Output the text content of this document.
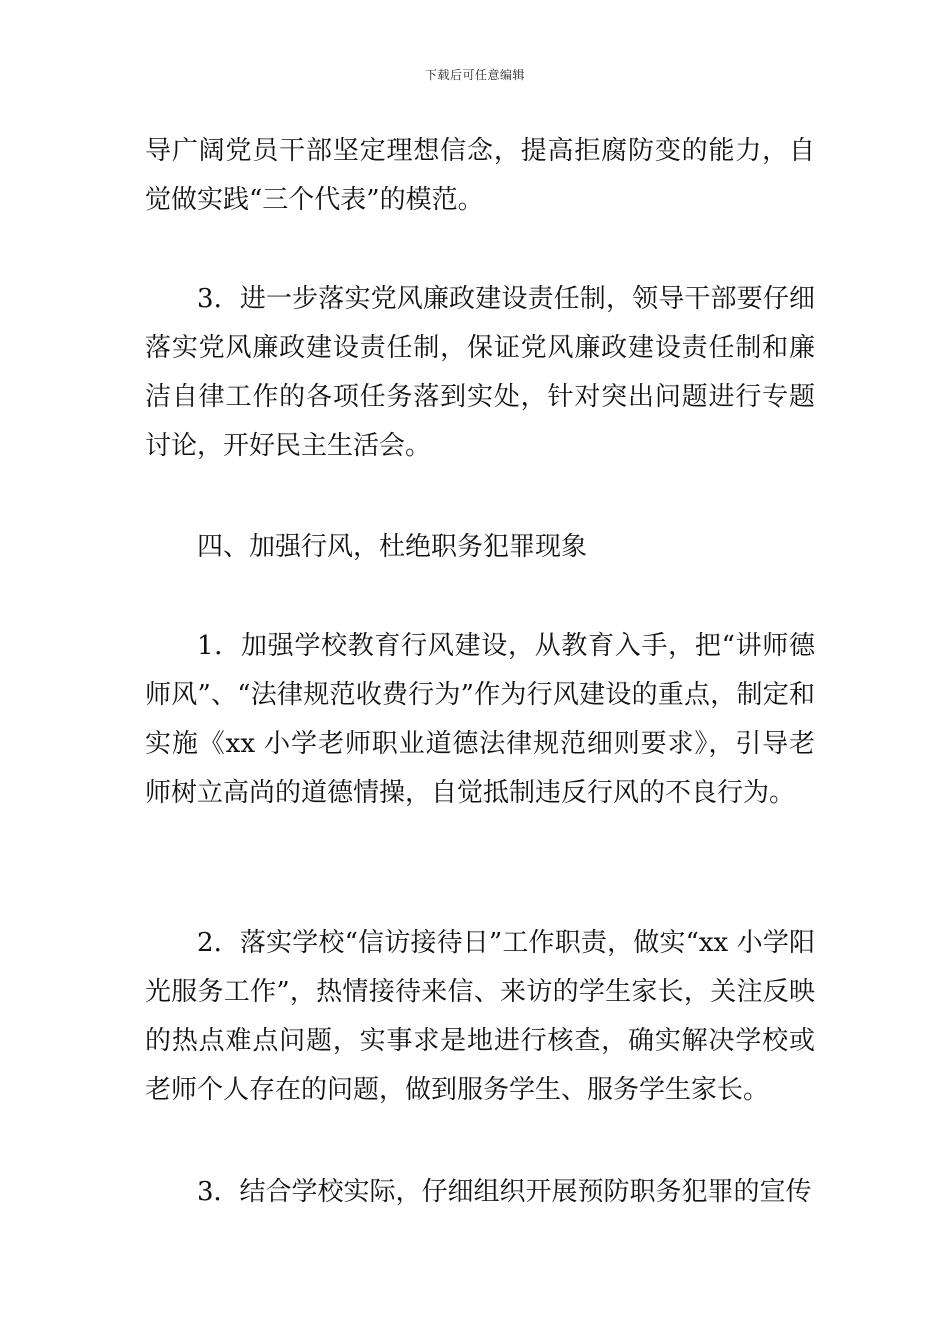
下载后可任意编辑

导广阔党员干部坚定理想信念，提高拒腐防变的能力，自觉做实践“三个代表”的模范。

3．进一步落实党风廉政建设责任制，领导干部要仔细落实党风廉政建设责任制，保证党风廉政建设责任制和廉洁自律工作的各项任务落到实处，针对突出问题进行专题讨论，开好民主生活会。

四、加强行风，杜绝职务犯罪现象

1．加强学校教育行风建设，从教育入手，把“讲师德师风”、“法律规范收费行为”作为行风建设的重点，制定和实施《xx 小学老师职业道德法律规范细则要求》，引导老师树立高尚的道德情操，自觉抵制违反行风的不良行为。

2．落实学校“信访接待日”工作职责，做实“xx 小学阳光服务工作”，热情接待来信、来访的学生家长，关注反映的热点难点问题，实事求是地进行核查，确实解决学校或老师个人存在的问题，做到服务学生、服务学生家长。

3．结合学校实际，仔细组织开展预防职务犯罪的宣传
